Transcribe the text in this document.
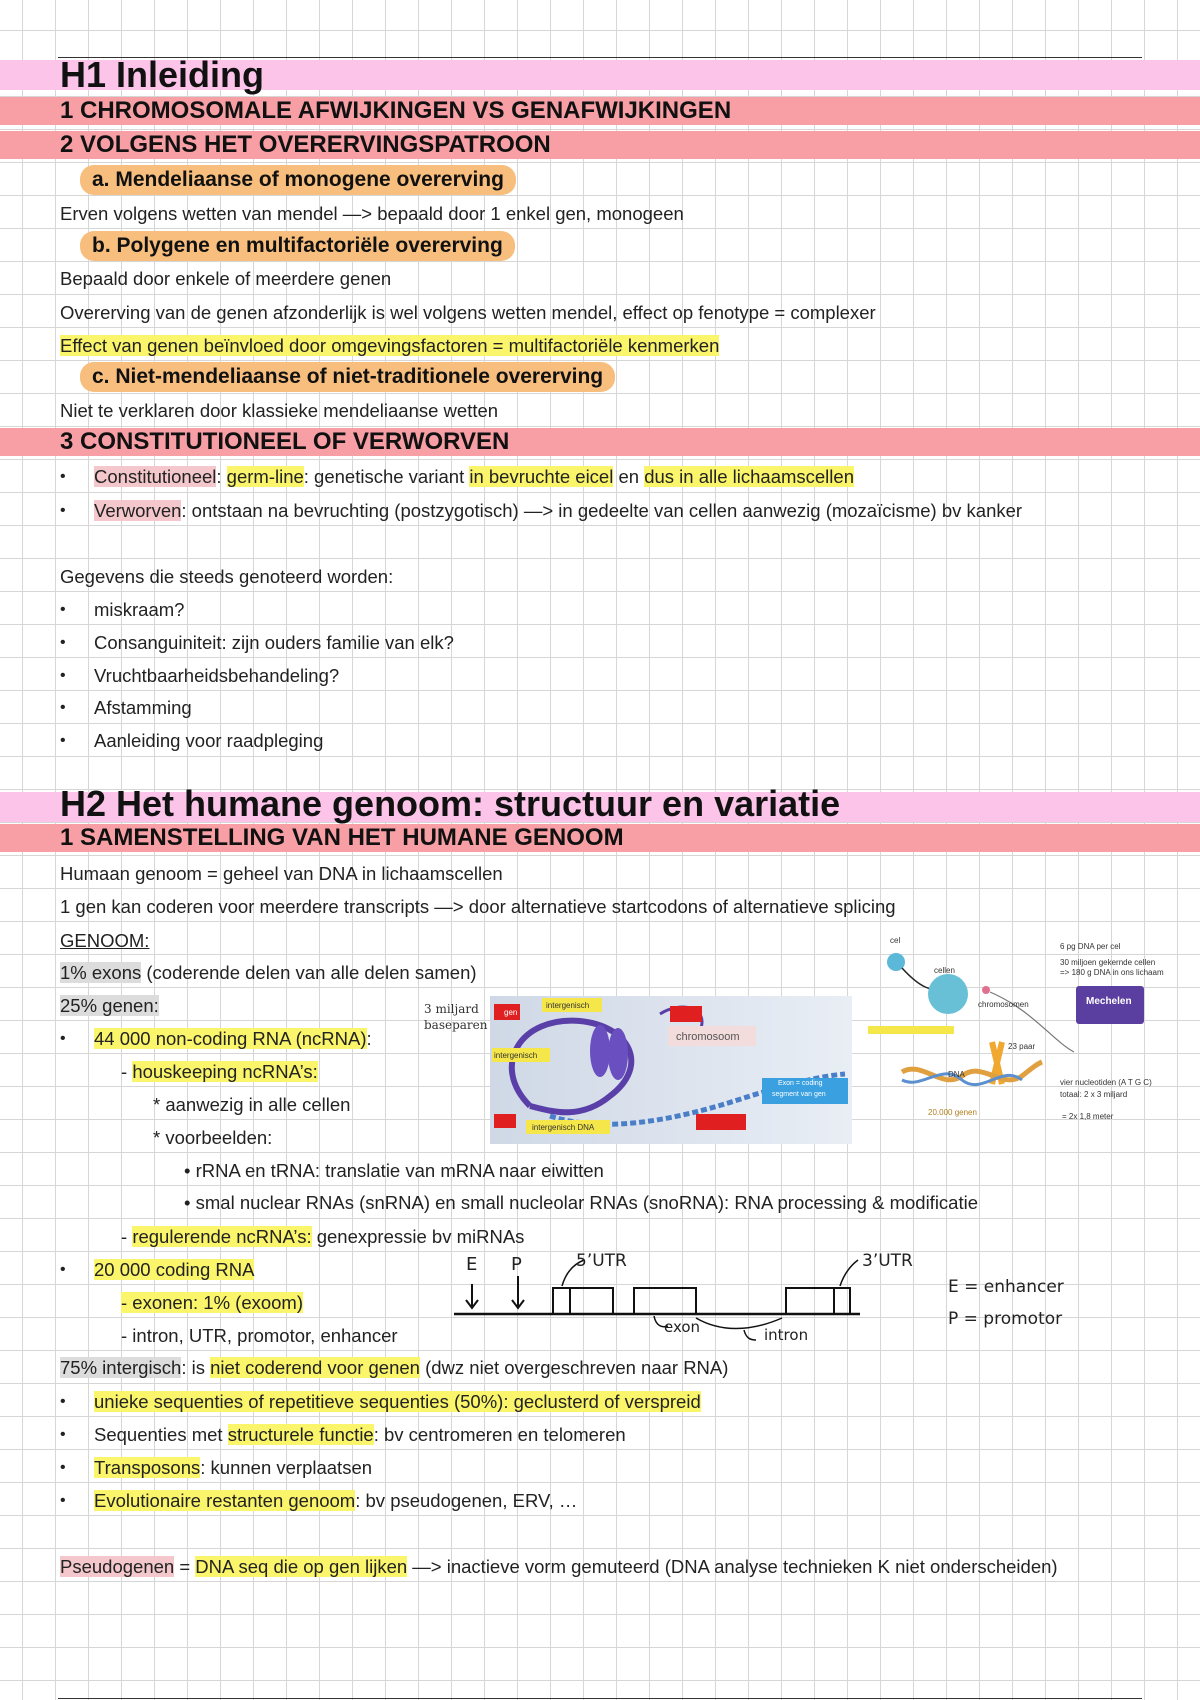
H1 Inleiding
1 CHROMOSOMALE AFWIJKINGEN VS GENAFWIJKINGEN
2 VOLGENS HET OVERERVINGSPATROON
a. Mendeliaanse of monogene overerving
Erven volgens wetten van mendel —> bepaald door 1 enkel gen, monogeen
b. Polygene en multifactoriële overerving
Bepaald door enkele of meerdere genen
Overerving van de genen afzonderlijk is wel volgens wetten mendel, effect op fenotype = complexer
Effect van genen beïnvloed door omgevingsfactoren = multifactoriële kenmerken
c. Niet-mendeliaanse of niet-traditionele overerving
Niet te verklaren door klassieke mendeliaanse wetten
3 CONSTITUTIONEEL OF VERWORVEN
• Constitutioneel: germ-line: genetische variant in bevruchte eicel en dus in alle lichaamscellen
• Verworven: ontstaan na bevruchting (postzygotisch) —> in gedeelte van cellen aanwezig (mozaïcisme) bv kanker
Gegevens die steeds genoteerd worden:
• miskraam?
• Consanguiniteit: zijn ouders familie van elk?
• Vruchtbaarheidsbehandeling?
• Afstamming
• Aanleiding voor raadpleging
H2 Het humane genoom: structuur en variatie
1 SAMENSTELLING VAN HET HUMANE GENOOM
Humaan genoom = geheel van DNA in lichaamscellen
1 gen kan coderen voor meerdere transcripts —> door alternatieve startcodons of alternatieve splicing
GENOOM:
1% exons (coderende delen van alle delen samen)
25% genen:
• 44 000 non-coding RNA (ncRNA):
- houskeeping ncRNA’s:
* aanwezig in alle cellen
* voorbeelden:
• rRNA en tRNA: translatie van mRNA naar eiwitten
• smal nuclear RNAs (snRNA) en small nucleolar RNAs (snoRNA): RNA processing & modificatie
- regulerende ncRNA’s: genexpressie bv miRNAs
• 20 000 coding RNA
- exonen: 1% (exoom)
- intron, UTR, promotor, enhancer
75% intergisch: is niet coderend voor genen (dwz niet overgeschreven naar RNA)
• unieke sequenties of repetitieve sequenties (50%): geclusterd of verspreid
• Sequenties met structurele functie: bv centromeren en telomeren
• Transposons: kunnen verplaatsen
• Evolutionaire restanten genoom: bv pseudogenen, ERV, …
Pseudogenen = DNA seq die op gen lijken —> inactieve vorm gemuteerd (DNA analyse technieken K niet onderscheiden)
3 miljard
baseparen
gen
intergenisch
intergenisch
intergenisch DNA
chromosoom
Exon = coding
segment van gen
cel
cellen
chromosomen
23 paar
DNA
20.000 genen
6 pg DNA per cel
30 miljoen gekernde cellen
=> 180 g DNA in ons lichaam
Mechelen
vier nucleotiden (A T G C)
totaal: 2 x 3 miljard
= 2x 1,8 meter
E P	5’UTR	3’UTR
exon	intron
E = enhancer
P = promotor
